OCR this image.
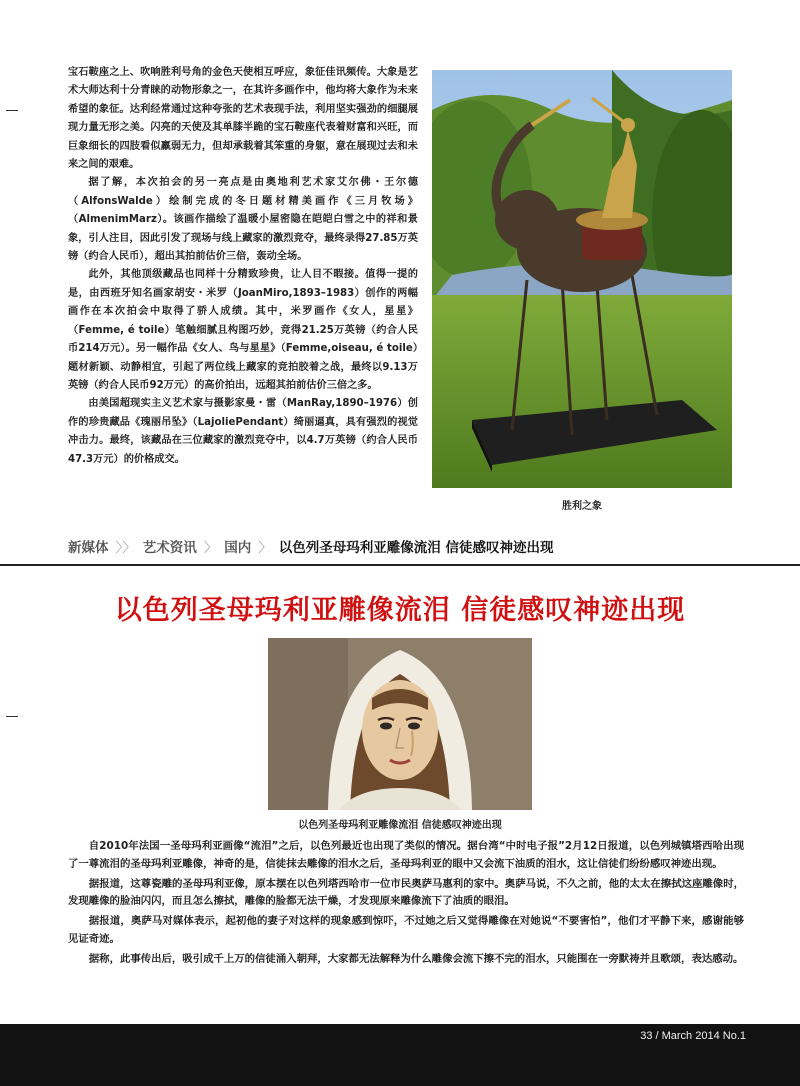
宝石鞍座之上、吹响胜利号角的金色天使相互呼应，象征佳讯频传。大象是艺术大师达利十分青睐的动物形象之一，在其许多画作中，他均将大象作为未来希望的象征。达利经常通过这种夸张的艺术表现手法，利用坚实强劲的细腿展现力量无形之美。闪亮的天使及其单膝半跪的宝石鞍座代表着财富和兴旺，而巨象细长的四肢看似羸弱无力，但却承载着其笨重的身躯，意在展现过去和未来之间的艰难。

据了解，本次拍会的另一亮点是由奥地利艺术家艾尔佛・王尔德（AlfonsWalde）绘制完成的冬日题材精美画作《三月牧场》（AlmenimMarz）。该画作描绘了温暖小屋密隐在皑皑白雪之中的祥和景象，引人注目，因此引发了现场与线上藏家的激烈竞夺，最终录得27.85万英镑（约合人民币），超出其拍前估价三倍，轰动全场。

此外，其他顶级藏品也同样十分精致珍贵，让人目不暇接。值得一提的是，由西班牙知名画家胡安・米罗（JoanMiro,1893–1983）创作的两幅画作在本次拍会中取得了骄人成绩。其中，米罗画作《女人，星星》（Femme, é toile）笔触细腻且构图巧妙，竞得21.25万英镑（约合人民币214万元）。另一幅作品《女人、鸟与星星》（Femme,oiseau, é toile）题材新颖、动静相宜，引起了两位线上藏家的竞拍胶着之战，最终以9.13万英镑（约合人民币92万元）的高价拍出，远超其拍前估价三倍之多。

由美国超现实主义艺术家与摄影家曼・雷（ManRay,1890–1976）创作的珍贵藏品《瑰丽吊坠》（LajoliePendant）绮丽逼真，具有强烈的视觉冲击力。最终，该藏品在三位藏家的激烈竞夺中，以4.7万英镑（约合人民币47.3万元）的价格成交。

胜利之象
新媒体 〉〉 艺术资讯 〉 国内 〉 以色列圣母玛利亚雕像流泪 信徒感叹神迹出现
以色列圣母玛利亚雕像流泪 信徒感叹神迹出现
以色列圣母玛利亚雕像流泪 信徒感叹神迹出现

自2010年法国一圣母玛利亚画像“流泪”之后，以色列最近也出现了类似的情况。据台湾“中时电子报”2月12日报道，以色列城镇塔西哈出现了一尊流泪的圣母玛利亚雕像，神奇的是，信徒抹去雕像的泪水之后，圣母玛利亚的眼中又会流下油质的泪水，这让信徒们纷纷感叹神迹出现。

据报道，这尊瓷雕的圣母玛利亚像，原本摆在以色列塔西哈市一位市民奥萨马惠利的家中。奥萨马说，不久之前，他的太太在擦拭这座雕像时，发现雕像的脸油闪闪，而且怎么擦拭，雕像的脸都无法干燥，才发现原来雕像流下了油质的眼泪。

据报道，奥萨马对媒体表示，起初他的妻子对这样的现象感到惊吓，不过她之后又觉得雕像在对她说“不要害怕”，他们才平静下来，感谢能够见证奇迹。

据称，此事传出后，吸引成千上万的信徒涌入朝拜，大家都无法解释为什么雕像会流下擦不完的泪水，只能围在一旁默祷并且歌颂，表达感动。

33 / March 2014 No.1
